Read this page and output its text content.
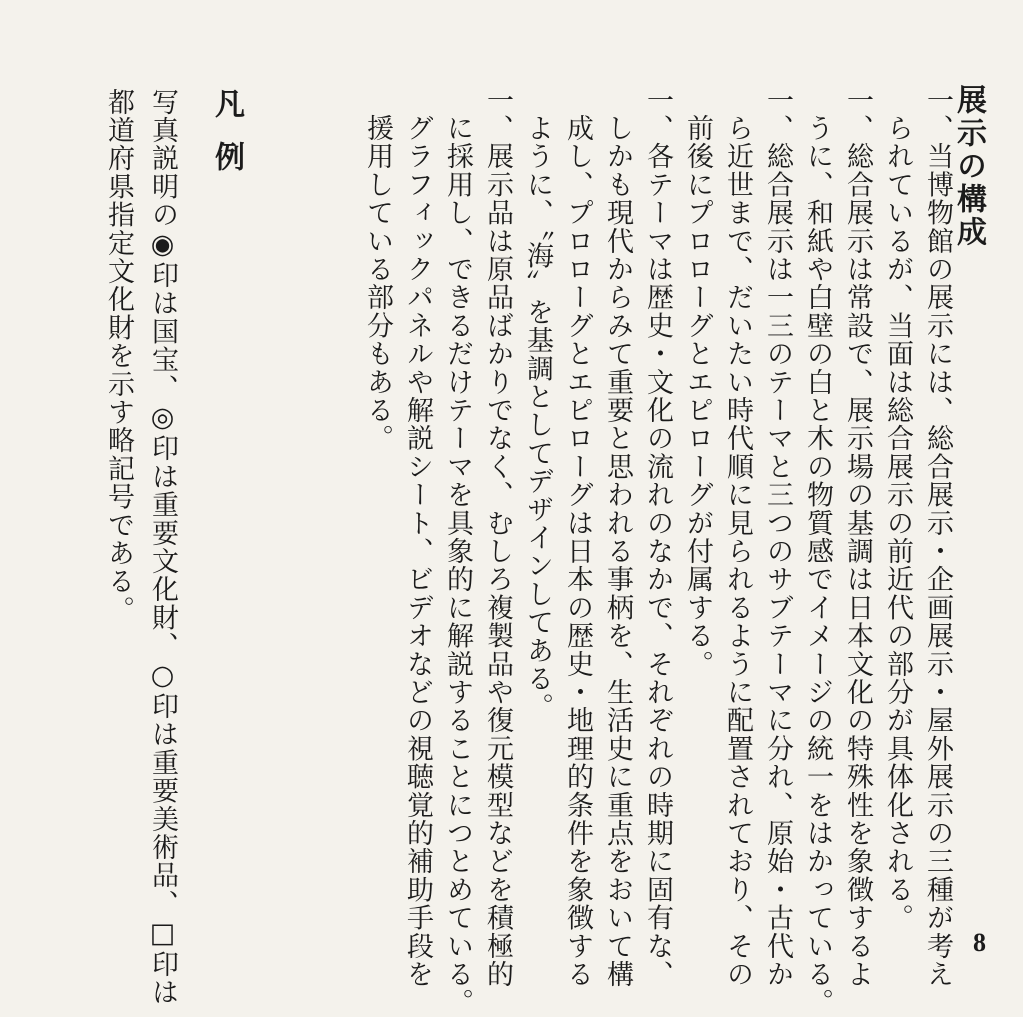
展示の構成
一、当博物館の展示には、総合展示・企画展示・屋外展示の三種が考え
　られているが、当面は総合展示の前近代の部分が具体化される。
一、総合展示は常設で、展示場の基調は日本文化の特殊性を象徴するよ
　うに、和紙や白壁の白と木の物質感でイメージの統一をはかっている。
一、総合展示は一三のテーマと三つのサブテーマに分れ、原始・古代か
　ら近世まで、だいたい時代順に見られるように配置されており、その
　前後にプロローグとエピローグが付属する。
一、各テーマは歴史・文化の流れのなかで、それぞれの時期に固有な、
　しかも現代からみて重要と思われる事柄を、生活史に重点をおいて構
　成し、プロローグとエピローグは日本の歴史・地理的条件を象徴する
　ように、〝海〟を基調としてデザインしてある。
一、展示品は原品ばかりでなく、むしろ複製品や復元模型などを積極的
　に採用し、できるだけテーマを具象的に解説することにつとめている。
　グラフィックパネルや解説シート、ビデオなどの視聴覚的補助手段を
　援用している部分もある。
凡例
写真説明の◉印は国宝、◎印は重要文化財、○印は重要美術品、□印は
都道府県指定文化財を示す略記号である。
8
